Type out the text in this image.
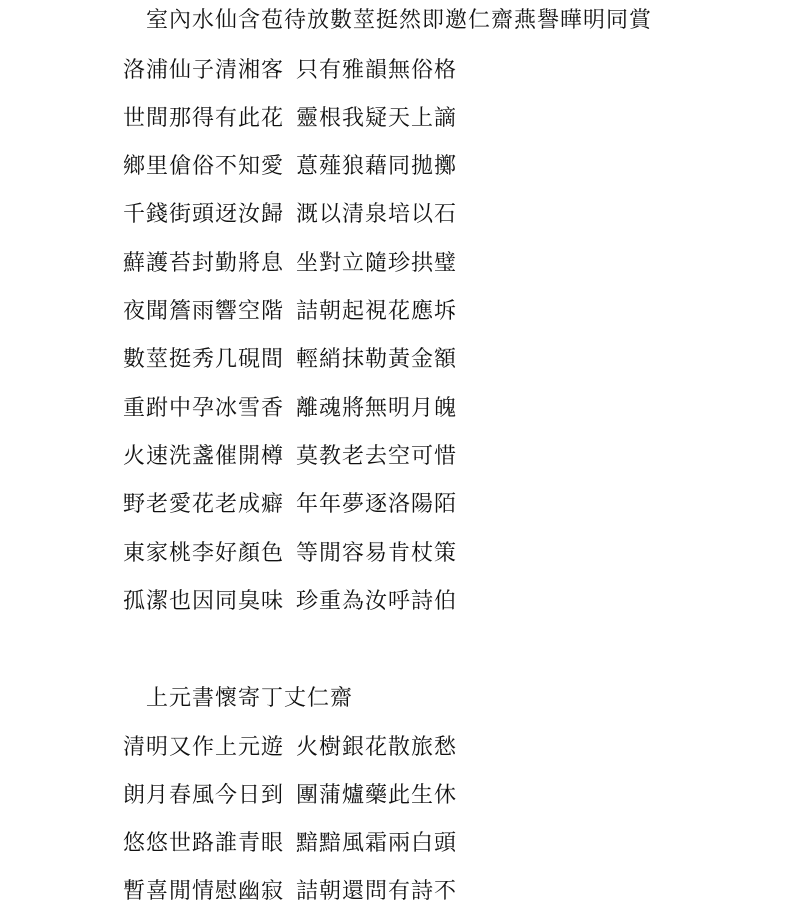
室內水仙含苞待放數莖挺然即邀仁齋燕譽曄明同賞
洛浦仙子清湘客 只有雅韻無俗格
世間那得有此花 靈根我疑天上謫
鄉里傖俗不知愛 蒠薤狼藉同拋擲
千錢街頭迓汝歸 溉以清泉培以石
蘚護苔封勤將息 坐對立隨珍拱璧
夜聞簷雨響空階 詰朝起視花應坼
數莖挺秀几硯間 輕綃抹勒黃金額
重跗中孕冰雪香 離魂將無明月魄
火速洗盞催開樽 莫教老去空可惜
野老愛花老成癖 年年夢逐洛陽陌
東家桃李好顏色 等閒容易肯杖策
孤潔也因同臭味 珍重為汝呼詩伯
上元書懷寄丁丈仁齋
清明又作上元遊 火樹銀花散旅愁
朗月春風今日到 團蒲爐藥此生休
悠悠世路誰青眼 黯黯風霜兩白頭
暫喜閒情慰幽寂 詰朝還問有詩不
